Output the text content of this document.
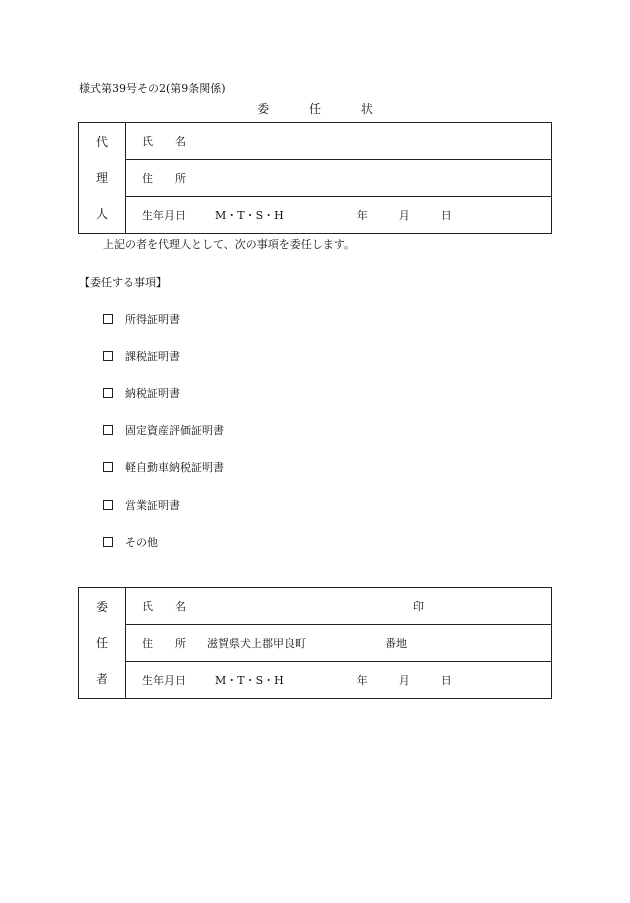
様式第39号その2(第9条関係)
委	任	状
代
理
人
	氏　　名
住　　所
生年月日	M・T・S・H	年	月	日
上記の者を代理人として、次の事項を委任します。
【委任する事項】
所得証明書
課税証明書
納税証明書
固定資産評価証明書
軽自動車納税証明書
営業証明書
その他
委
任
者
	氏　　名	印
住　　所 滋賀県犬上郡甲良町	番地
生年月日	M・T・S・H	年	月	日
